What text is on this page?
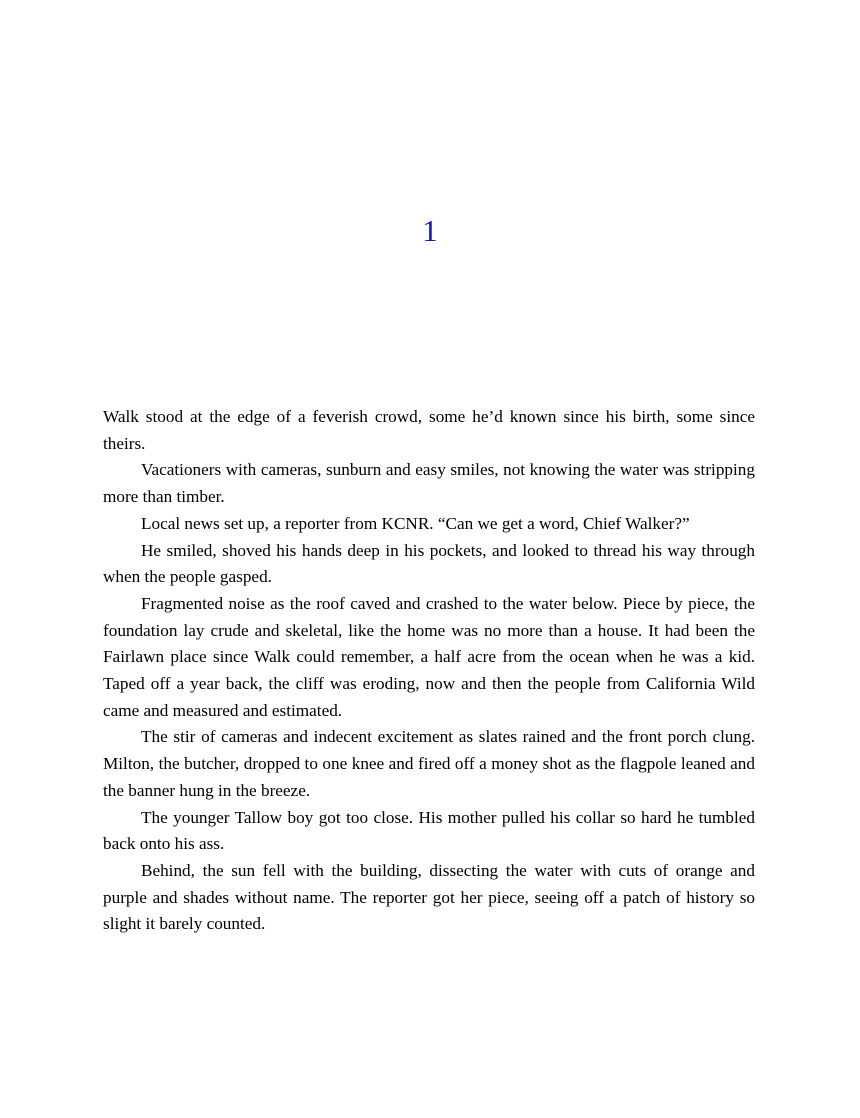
1

Walk stood at the edge of a feverish crowd, some he’d known since his birth, some since theirs.

Vacationers with cameras, sunburn and easy smiles, not knowing the water was stripping more than timber.

Local news set up, a reporter from KCNR. “Can we get a word, Chief Walker?”

He smiled, shoved his hands deep in his pockets, and looked to thread his way through when the people gasped.

Fragmented noise as the roof caved and crashed to the water below. Piece by piece, the foundation lay crude and skeletal, like the home was no more than a house. It had been the Fairlawn place since Walk could remember, a half acre from the ocean when he was a kid. Taped off a year back, the cliff was eroding, now and then the people from California Wild came and measured and estimated.

The stir of cameras and indecent excitement as slates rained and the front porch clung. Milton, the butcher, dropped to one knee and fired off a money shot as the flagpole leaned and the banner hung in the breeze.

The younger Tallow boy got too close. His mother pulled his collar so hard he tumbled back onto his ass.

Behind, the sun fell with the building, dissecting the water with cuts of orange and purple and shades without name. The reporter got her piece, seeing off a patch of history so slight it barely counted.
